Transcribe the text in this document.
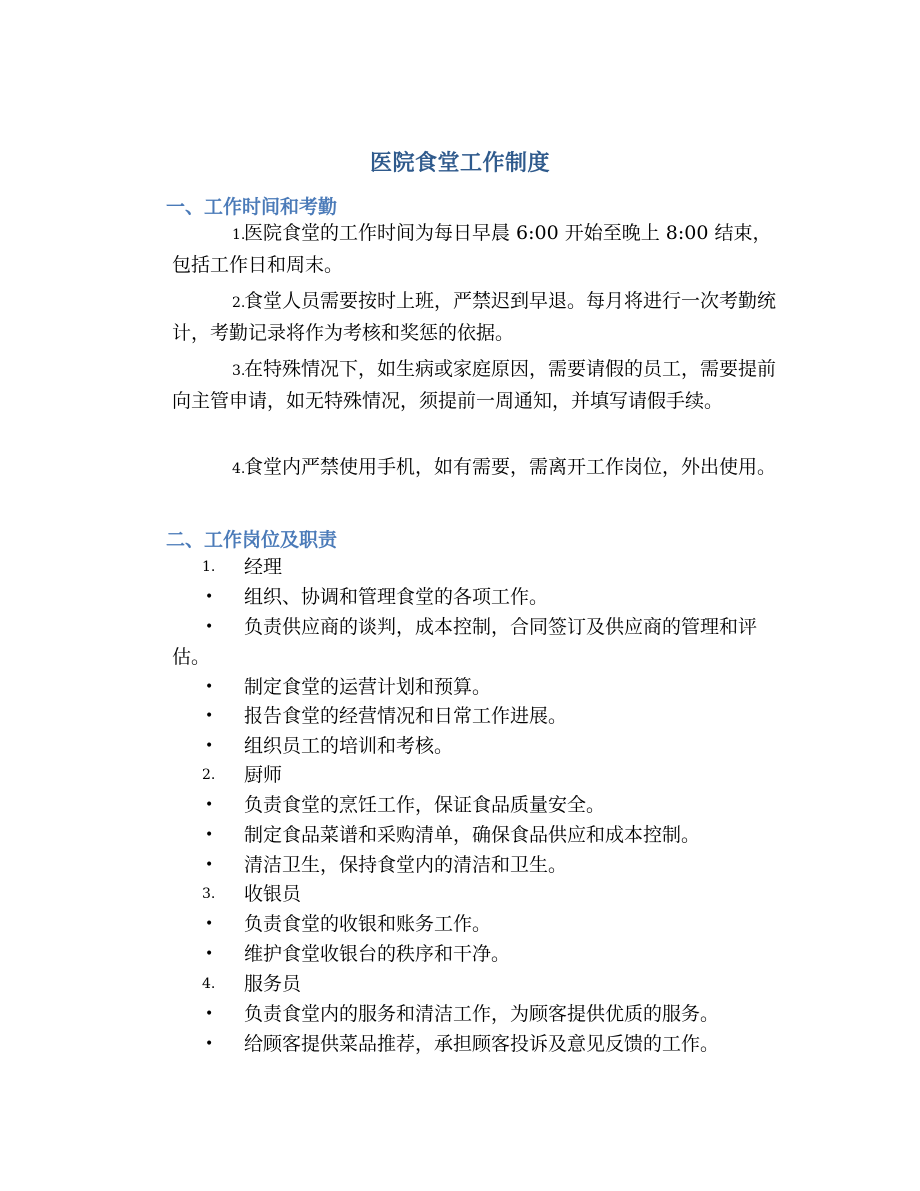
医院食堂工作制度
一、工作时间和考勤
1.医院食堂的工作时间为每日早晨 6:00 开始至晚上 8:00 结束，包括工作日和周末。
2.食堂人员需要按时上班，严禁迟到早退。每月将进行一次考勤统计，考勤记录将作为考核和奖惩的依据。
3.在特殊情况下，如生病或家庭原因，需要请假的员工，需要提前向主管申请，如无特殊情况，须提前一周通知，并填写请假手续。
4.食堂内严禁使用手机，如有需要，需离开工作岗位，外出使用。
二、工作岗位及职责
1.	经理
• 组织、协调和管理食堂的各项工作。
•	负责供应商的谈判，成本控制，合同签订及供应商的管理和评估。
• 制定食堂的运营计划和预算。
• 报告食堂的经营情况和日常工作进展。
• 组织员工的培训和考核。
2.	厨师
• 负责食堂的烹饪工作，保证食品质量安全。
• 制定食品菜谱和采购清单，确保食品供应和成本控制。
• 清洁卫生，保持食堂内的清洁和卫生。
3.	收银员
• 负责食堂的收银和账务工作。
• 维护食堂收银台的秩序和干净。
4.	服务员
• 负责食堂内的服务和清洁工作，为顾客提供优质的服务。
• 给顾客提供菜品推荐，承担顾客投诉及意见反馈的工作。
